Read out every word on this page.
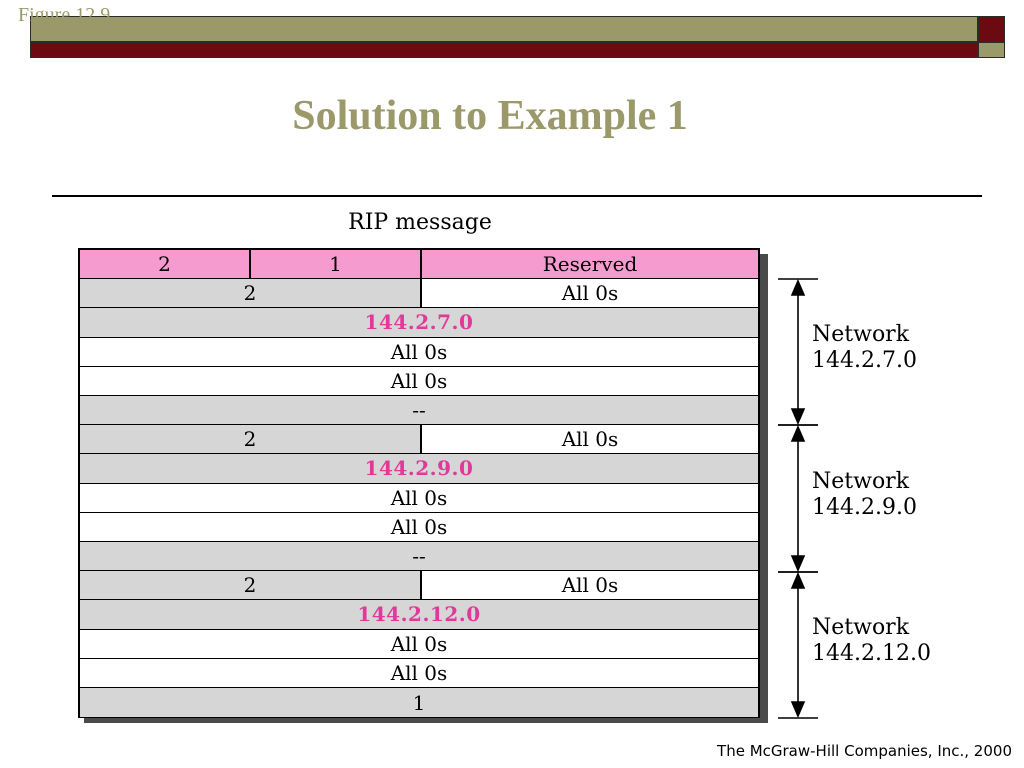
Figure 12.9
Solution to Example 1
RIP message
2	1	Reserved
2	All 0s
144.2.7.0
All 0s
All 0s
--
2	All 0s
144.2.9.0
All 0s
All 0s
--
2	All 0s
144.2.12.0
All 0s
All 0s
1
Network
144.2.7.0
Network
144.2.9.0
Network
144.2.12.0
The McGraw-Hill Companies, Inc., 2000
